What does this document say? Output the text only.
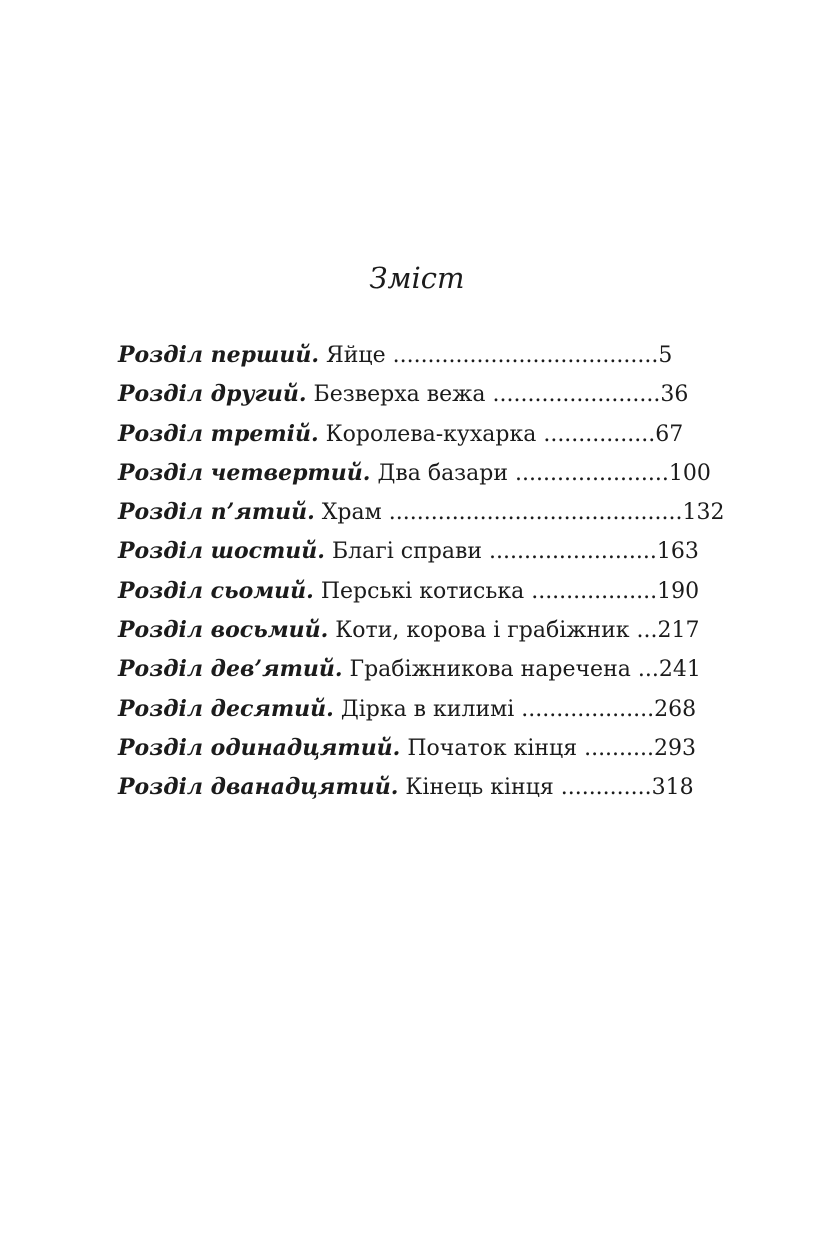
Зміст
Розділ перший. Яйце ......................................5
Розділ другий. Безверха вежа ........................36
Розділ третій. Королева-кухарка ................67
Розділ четвертий. Два базари ......................100
Розділ п’ятий. Храм ..........................................132
Розділ шостий. Благі справи ........................163
Розділ сьомий. Перські котиська ..................190
Розділ восьмий. Коти, корова і грабіжник ...217
Розділ дев’ятий. Грабіжникова наречена ...241
Розділ десятий. Дірка в килимі ...................268
Розділ одинадцятий. Початок кінця ..........293
Розділ дванадцятий. Кінець кінця .............318
